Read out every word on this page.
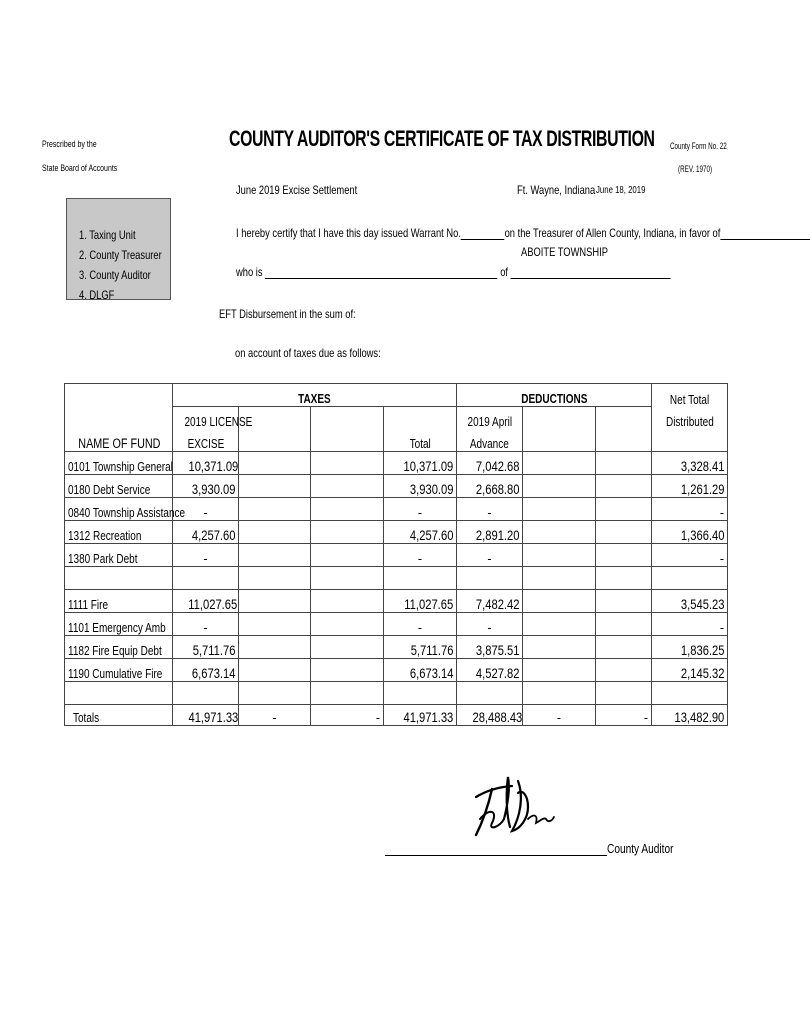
Prescribed by the
State Board of Accounts
COUNTY AUDITOR'S CERTIFICATE OF TAX DISTRIBUTION County Form No. 22
(REV. 1970)
June 2019 Excise Settlement	Ft. Wayne, Indiana June 18, 2019
1. Taxing Unit
2. County Treasurer
3. County Auditor
4. DLGF
I hereby certify that I have this day issued Warrant No.	on the Treasurer of Allen County, Indiana, in favor of
ABOITE TOWNSHIP
who is	of
EFT Disbursement in the sum of:
on account of taxes due as follows:
	TAXES				DEDUCTIONS			Net Total
	2019 LICENSE				2019 April			Distributed
NAME OF FUND	EXCISE			Total	Advance			
0101 Township General	10,371.09			10,371.09	7,042.68			3,328.41
0180 Debt Service	3,930.09			3,930.09	2,668.80			1,261.29
0840 Township Assistance	-			-	-			-
1312 Recreation	4,257.60			4,257.60	2,891.20			1,366.40
1380 Park Debt	-			-	-			-

1111 Fire	11,027.65			11,027.65	7,482.42			3,545.23
1101 Emergency Amb	-			-	-			-
1182 Fire Equip Debt	5,711.76			5,711.76	3,875.51			1,836.25
1190 Cumulative Fire	6,673.14			6,673.14	4,527.82			2,145.32

Totals	41,971.33	-	-	41,971.33	28,488.43	-	-	13,482.90
County Auditor
